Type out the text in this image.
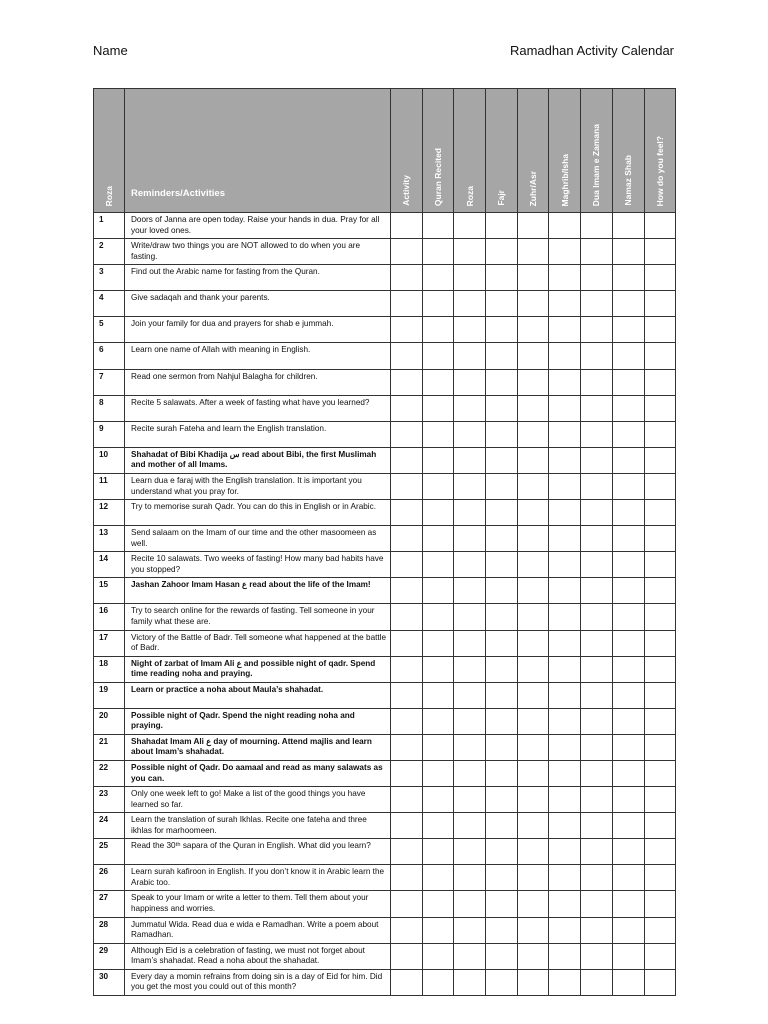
Name	Ramadhan Activity Calendar
Roza	Reminders/Activities	Activity	Quran Recited	Roza	Fajr	Zuhr/Asr	Maghrib/Isha	Dua Imam e Zamana	Namaz Shab	How do you feel?

1	Doors of Janna are open today. Raise your hands in dua. Pray for all your loved ones.									
2	Write/draw two things you are NOT allowed to do when you are fasting.									
3	Find out the Arabic name for fasting from the Quran.									
4	Give sadaqah and thank your parents.									
5	Join your family for dua and prayers for shab e jummah.									
6	Learn one name of Allah with meaning in English.									
7	Read one sermon from Nahjul Balagha for children.									
8	Recite 5 salawats. After a week of fasting what have you learned?									
9	Recite surah Fateha and learn the English translation.									
10	Shahadat of Bibi Khadija س read about Bibi, the first Muslimah and mother of all Imams.									
11	Learn dua e faraj with the English translation. It is important you understand what you pray for.									
12	Try to memorise surah Qadr. You can do this in English or in Arabic.									
13	Send salaam on the Imam of our time and the other masoomeen as well.									
14	Recite 10 salawats. Two weeks of fasting! How many bad habits have you stopped?									
15	Jashan Zahoor Imam Hasan ع read about the life of the Imam!									
16	Try to search online for the rewards of fasting. Tell someone in your family what these are.									
17	Victory of the Battle of Badr. Tell someone what happened at the battle of Badr.									
18	Night of zarbat of Imam Ali ع and possible night of qadr. Spend time reading noha and praying.									
19	Learn or practice a noha about Maula’s shahadat.									
20	Possible night of Qadr. Spend the night reading noha and praying.									
21	Shahadat Imam Ali ع day of mourning. Attend majlis and learn about Imam’s shahadat.									
22	Possible night of Qadr. Do aamaal and read as many salawats as you can.									
23	Only one week left to go! Make a list of the good things you have learned so far.									
24	Learn the translation of surah Ikhlas. Recite one fateha and three ikhlas for marhoomeen.									
25	Read the 30ᵗʰ sapara of the Quran in English. What did you learn?									
26	Learn surah kafiroon in English. If you don’t know it in Arabic learn the Arabic too.									
27	Speak to your Imam or write a letter to them. Tell them about your happiness and worries.									
28	Jummatul Wida. Read dua e wida e Ramadhan. Write a poem about Ramadhan.									
29	Although Eid is a celebration of fasting, we must not forget about Imam’s shahadat. Read a noha about the shahadat.									
30	Every day a momin refrains from doing sin is a day of Eid for him. Did you get the most you could out of this month?									
